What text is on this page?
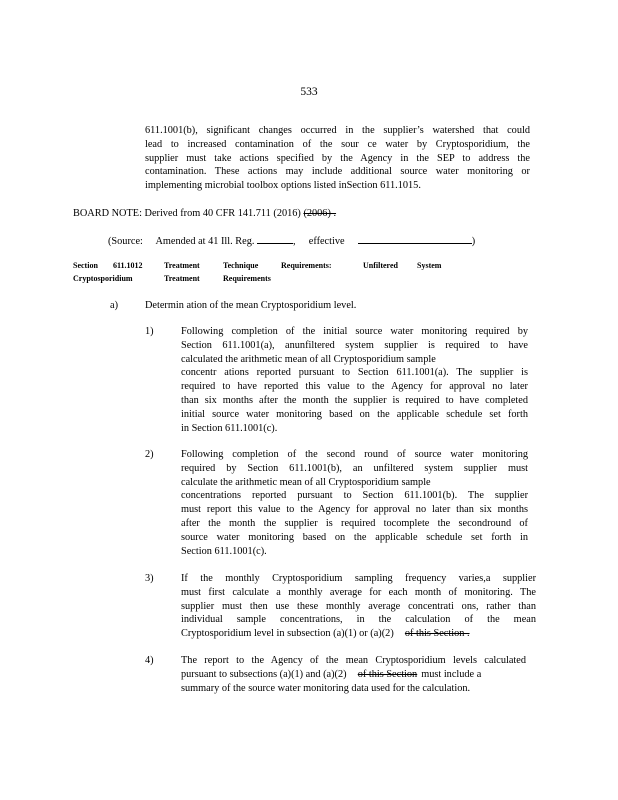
533
611.1001(b), significant changes occurred in the supplier’s watershed that could
lead to increased contamination of the sour ce water by Cryptosporidium, the
supplier must take actions specified by the Agency in the SEP to address the
contamination. These actions may include additional source water monitoring or
implementing microbial toolbox options listed inSection 611.1015.
BOARD NOTE: Derived from 40 CFR 141.711 (2016) (2006) .
(Source: Amended at 41 Ill. Reg.	, effective	)
Section 611.1012	Treatment	Technique	Requirements:	Unfiltered System
Cryptosporidium	Treatment	Requirements
a)	Determin ation of the mean Cryptosporidium level.
1)	Following completion of the initial source water monitoring required by
Section 611.1001(a), anunfiltered system supplier is required to have
calculated the arithmetic mean of all Cryptosporidium sample
concentr ations reported pursuant to Section 611.1001(a). The supplier is
required to have reported this value to the Agency for approval no later
than six months after the month the supplier is required to have completed
initial source water monitoring based on the applicable schedule set forth
in Section 611.1001(c).
2)	Following completion of the second round of source water monitoring
required by Section 611.1001(b), an unfiltered system supplier must
calculate the arithmetic mean of all Cryptosporidium sample
concentrations reported pursuant to Section 611.1001(b). The supplier
must report this value to the Agency for approval no later than six months
after the month the supplier is required tocomplete the secondround of
source water monitoring based on the applicable schedule set forth in
Section 611.1001(c).
3)	If the monthly Cryptosporidium sampling frequency varies,a supplier
must first calculate a monthly average for each month of monitoring. The
supplier must then use these monthly average concentrati ons, rather than
individual sample concentrations, in the calculation of the mean
Cryptosporidium level in subsection (a)(1) or (a)(2) of this Section .
4)	The report to the Agency of the mean Cryptosporidium levels calculated
pursuant to subsections (a)(1) and (a)(2) of this Section must include a
summary of the source water monitoring data used for the calculation.
